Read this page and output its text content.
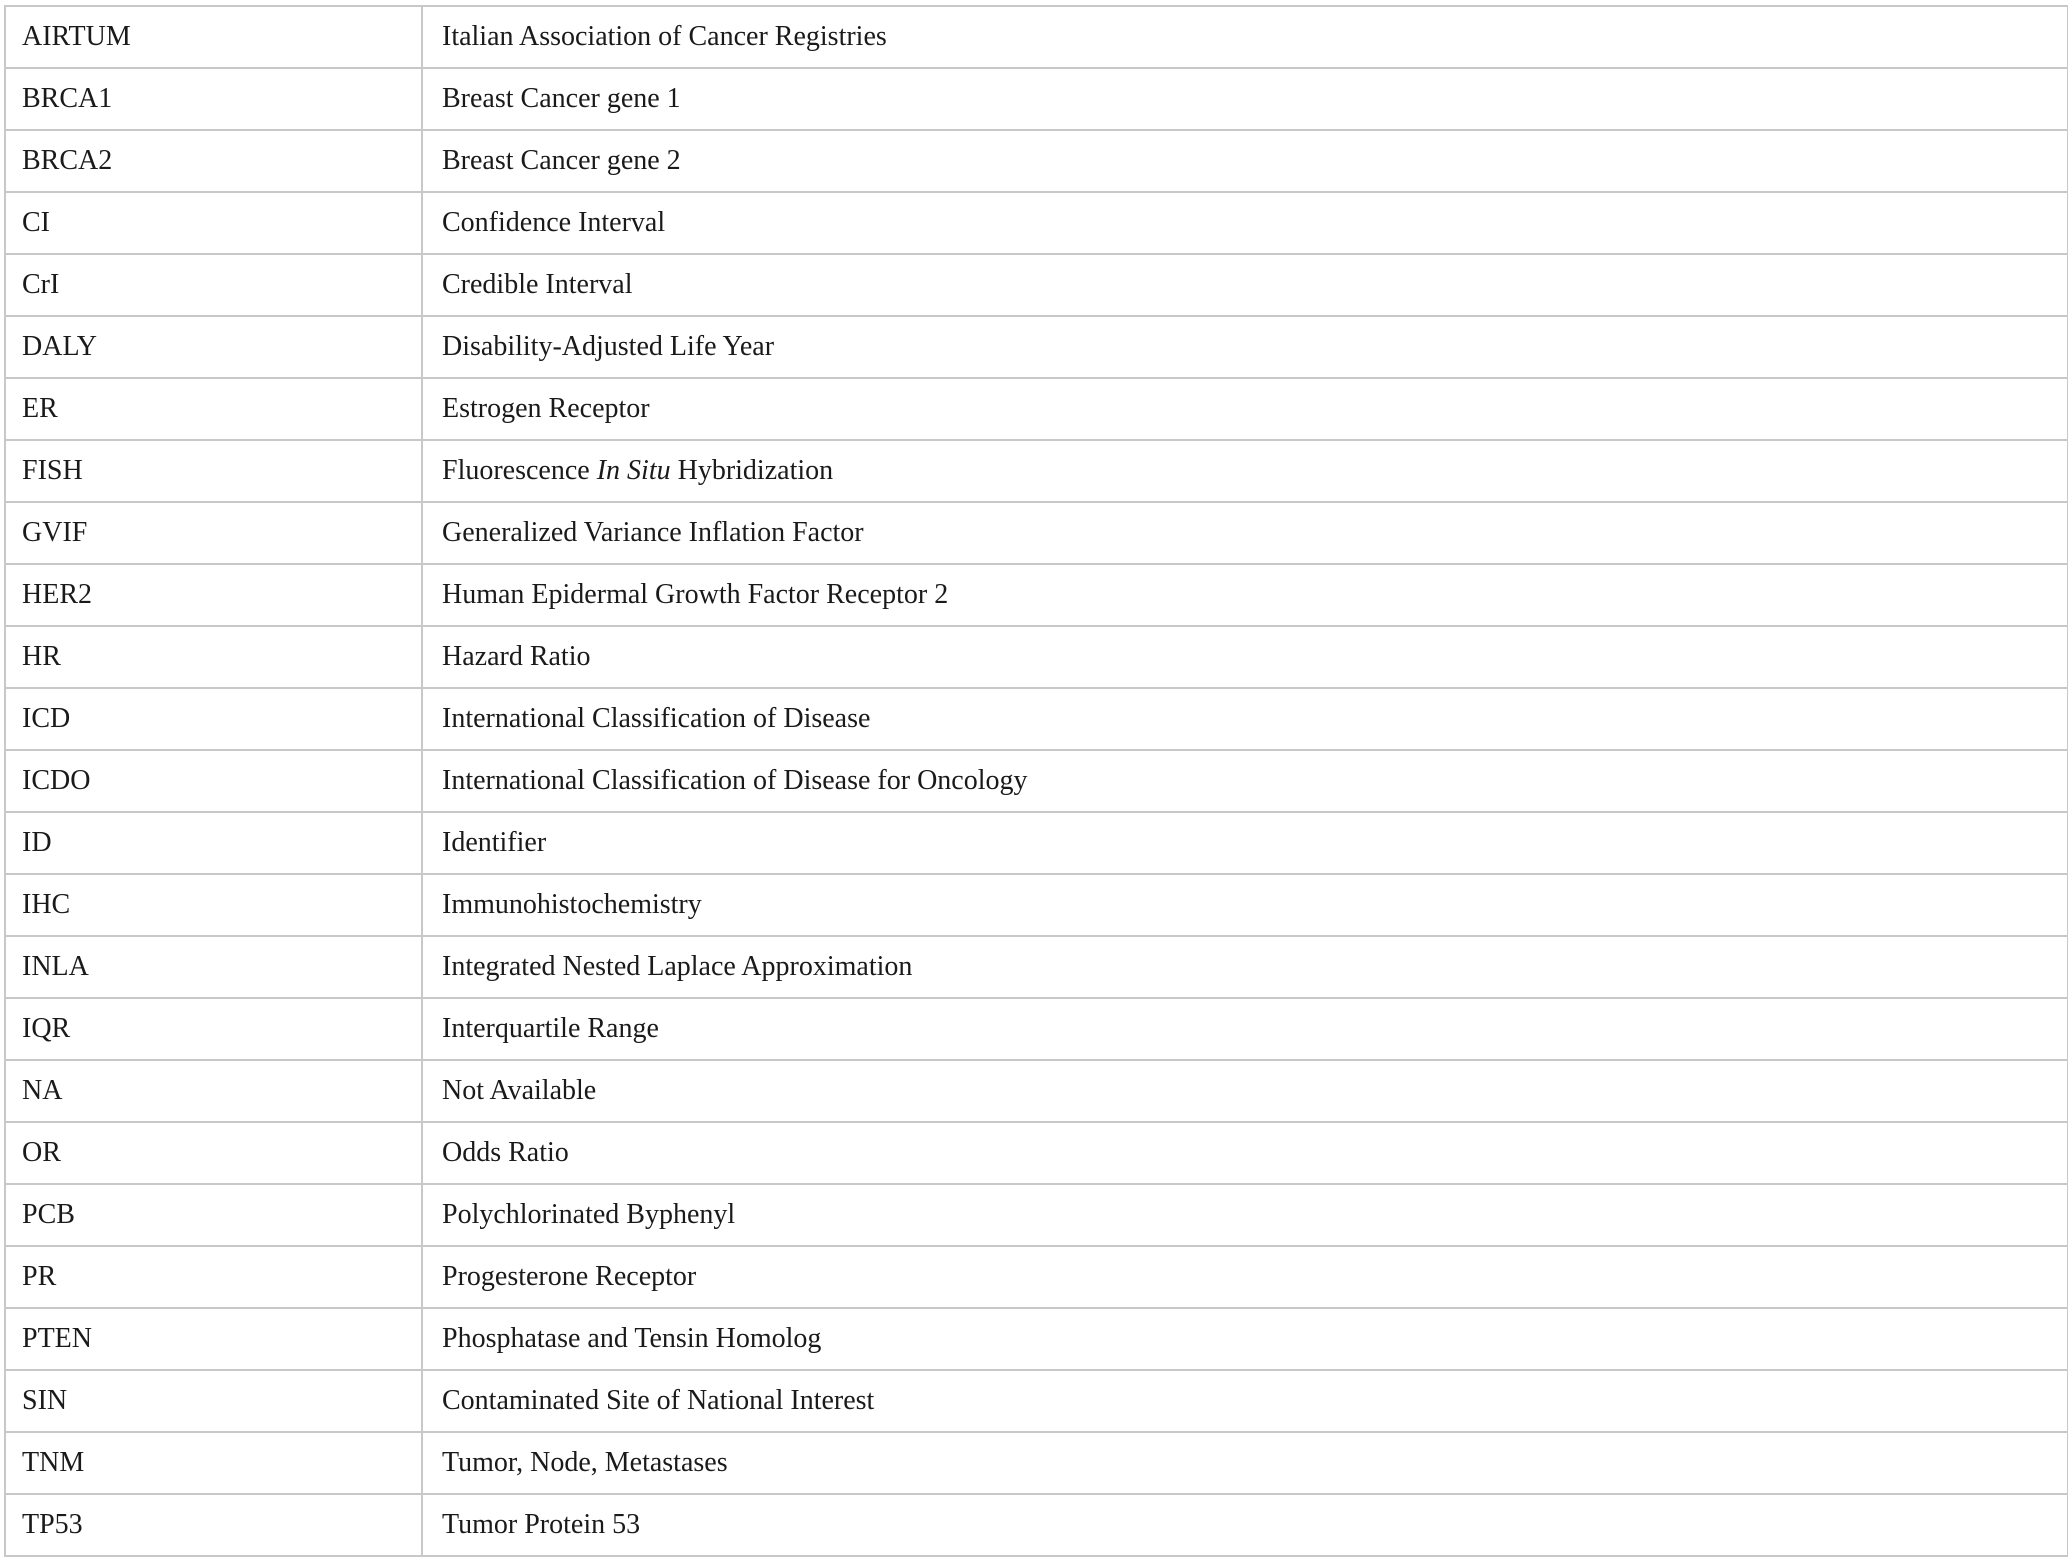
AIRTUM	Italian Association of Cancer Registries
BRCA1	Breast Cancer gene 1
BRCA2	Breast Cancer gene 2
CI	Confidence Interval
CrI	Credible Interval
DALY	Disability-Adjusted Life Year
ER	Estrogen Receptor
FISH	Fluorescence In Situ Hybridization
GVIF	Generalized Variance Inflation Factor
HER2	Human Epidermal Growth Factor Receptor 2
HR	Hazard Ratio
ICD	International Classification of Disease
ICDO	International Classification of Disease for Oncology
ID	Identifier
IHC	Immunohistochemistry
INLA	Integrated Nested Laplace Approximation
IQR	Interquartile Range
NA	Not Available
OR	Odds Ratio
PCB	Polychlorinated Byphenyl
PR	Progesterone Receptor
PTEN	Phosphatase and Tensin Homolog
SIN	Contaminated Site of National Interest
TNM	Tumor, Node, Metastases
TP53	Tumor Protein 53
